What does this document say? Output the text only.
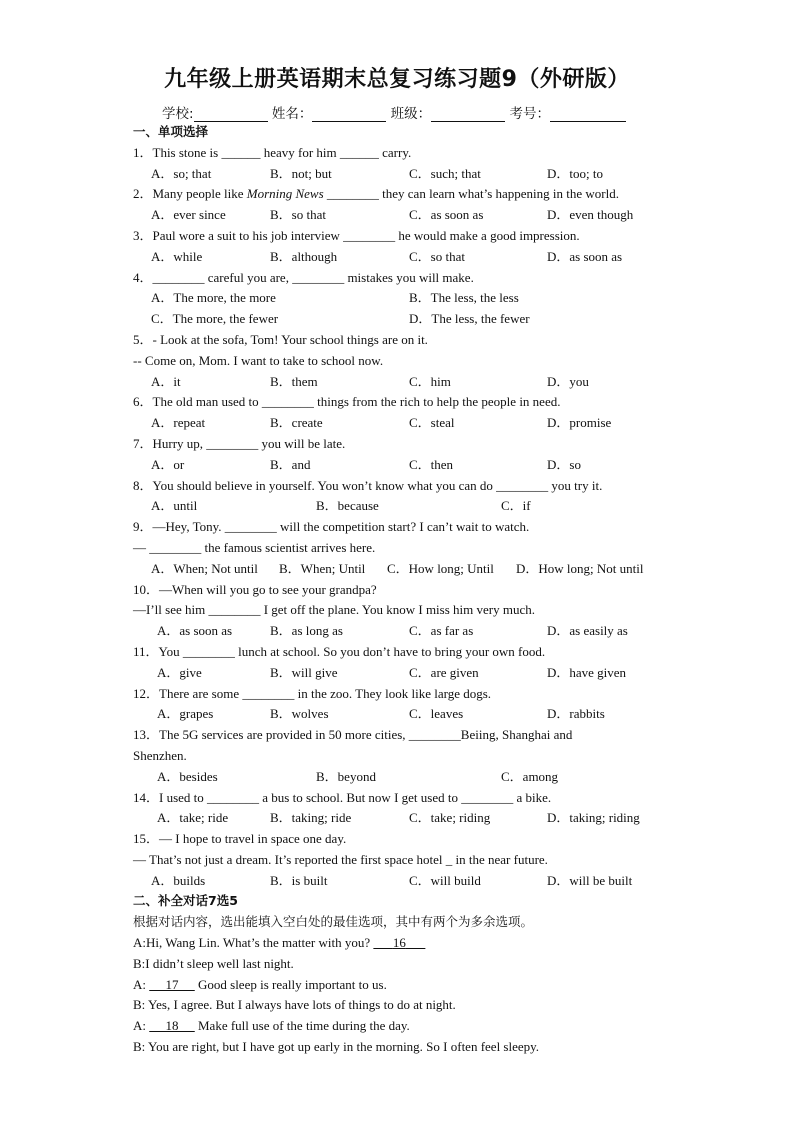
九年级上册英语期末总复习练习题9（外研版）
学校:	姓名：	班级：	考号：
一、单项选择
1．This stone is ______ heavy for him ______ carry.
A．so; that	B．not; but	C．such; that	D．too; to
2．Many people like Morning News ________ they can learn what’s happening in the world.
A．ever since	B．so that	C．as soon as	D．even though
3．Paul wore a suit to his job interview ________ he would make a good impression.
A．while	B．although	C．so that	D．as soon as
4．________ careful you are, ________ mistakes you will make.
A．The more, the more	B．The less, the less
C．The more, the fewer	D．The less, the fewer
5．- Look at the sofa, Tom! Your school things are on it.
-- Come on, Mom. I want to take to school now.
A．it	B．them	C．him	D．you
6．The old man used to ________ things from the rich to help the people in need.
A．repeat	B．create	C．steal	D．promise
7．Hurry up, ________ you will be late.
A．or	B．and	C．then	D．so
8．You should believe in yourself. You won’t know what you can do ________ you try it.
A．until	B．because	C．if
9．—Hey, Tony. ________ will the competition start? I can’t wait to watch.
— ________ the famous scientist arrives here.
A．When; Not until B．When; Until C．How long; Until D．How long; Not until
10．—When will you go to see your grandpa?
—I’ll see him ________ I get off the plane. You know I miss him very much.
A．as soon as	B．as long as	C．as far as	D．as easily as
11．You ________ lunch at school. So you don’t have to bring your own food.
A．give	B．will give	C．are given	D．have given
12．There are some ________ in the zoo. They look like large dogs.
A．grapes	B．wolves	C．leaves	D．rabbits
13．The 5G services are provided in 50 more cities, ________Beiing, Shanghai and
Shenzhen.
A．besides	B．beyond	C．among
14．I used to ________ a bus to school. But now I get used to ________ a bike.
A．take; ride	B．taking; ride	C．take; riding	D．taking; riding
15．— I hope to travel in space one day.
— That’s not just a dream. It’s reported the first space hotel _ in the near future.
A．builds	B．is built	C．will build	D．will be built
二、补全对话7选5
根据对话内容，选出能填入空白处的最佳选项，其中有两个为多余选项。
A:Hi, Wang Lin. What’s the matter with you?       16
B:I didn’t sleep well last night.
A:      17      Good sleep is really important to us.
B: Yes, I agree. But I always have lots of things to do at night.
A:      18      Make full use of the time during the day.
B: You are right, but I have got up early in the morning. So I often feel sleepy.
